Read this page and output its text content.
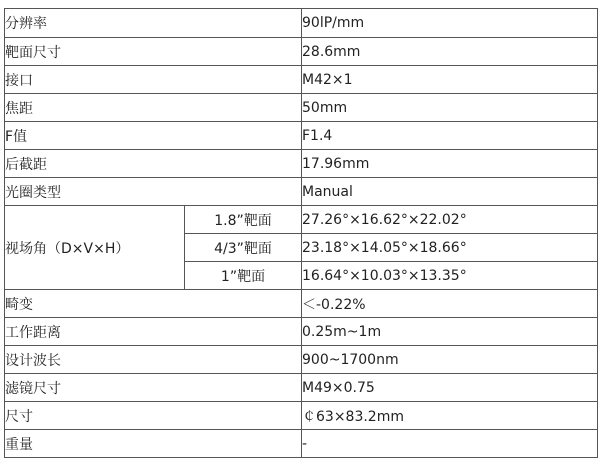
分辨率		90lP/mm
靶面尺寸		28.6mm
接口		M42×1
焦距		50mm
F值		F1.4
后截距		17.96mm
光圈类型		Manual
视场角（D×V×H）	1.8”靶面	27.26°×16.62°×22.02°
	4/3”靶面	23.18°×14.05°×18.66°
	1”靶面	16.64°×10.03°×13.35°
畸变		＜-0.22%
工作距离		0.25m~1m
设计波长		900~1700nm
滤镜尺寸		M49×0.75
尺寸		￠63×83.2mm
重量		-
